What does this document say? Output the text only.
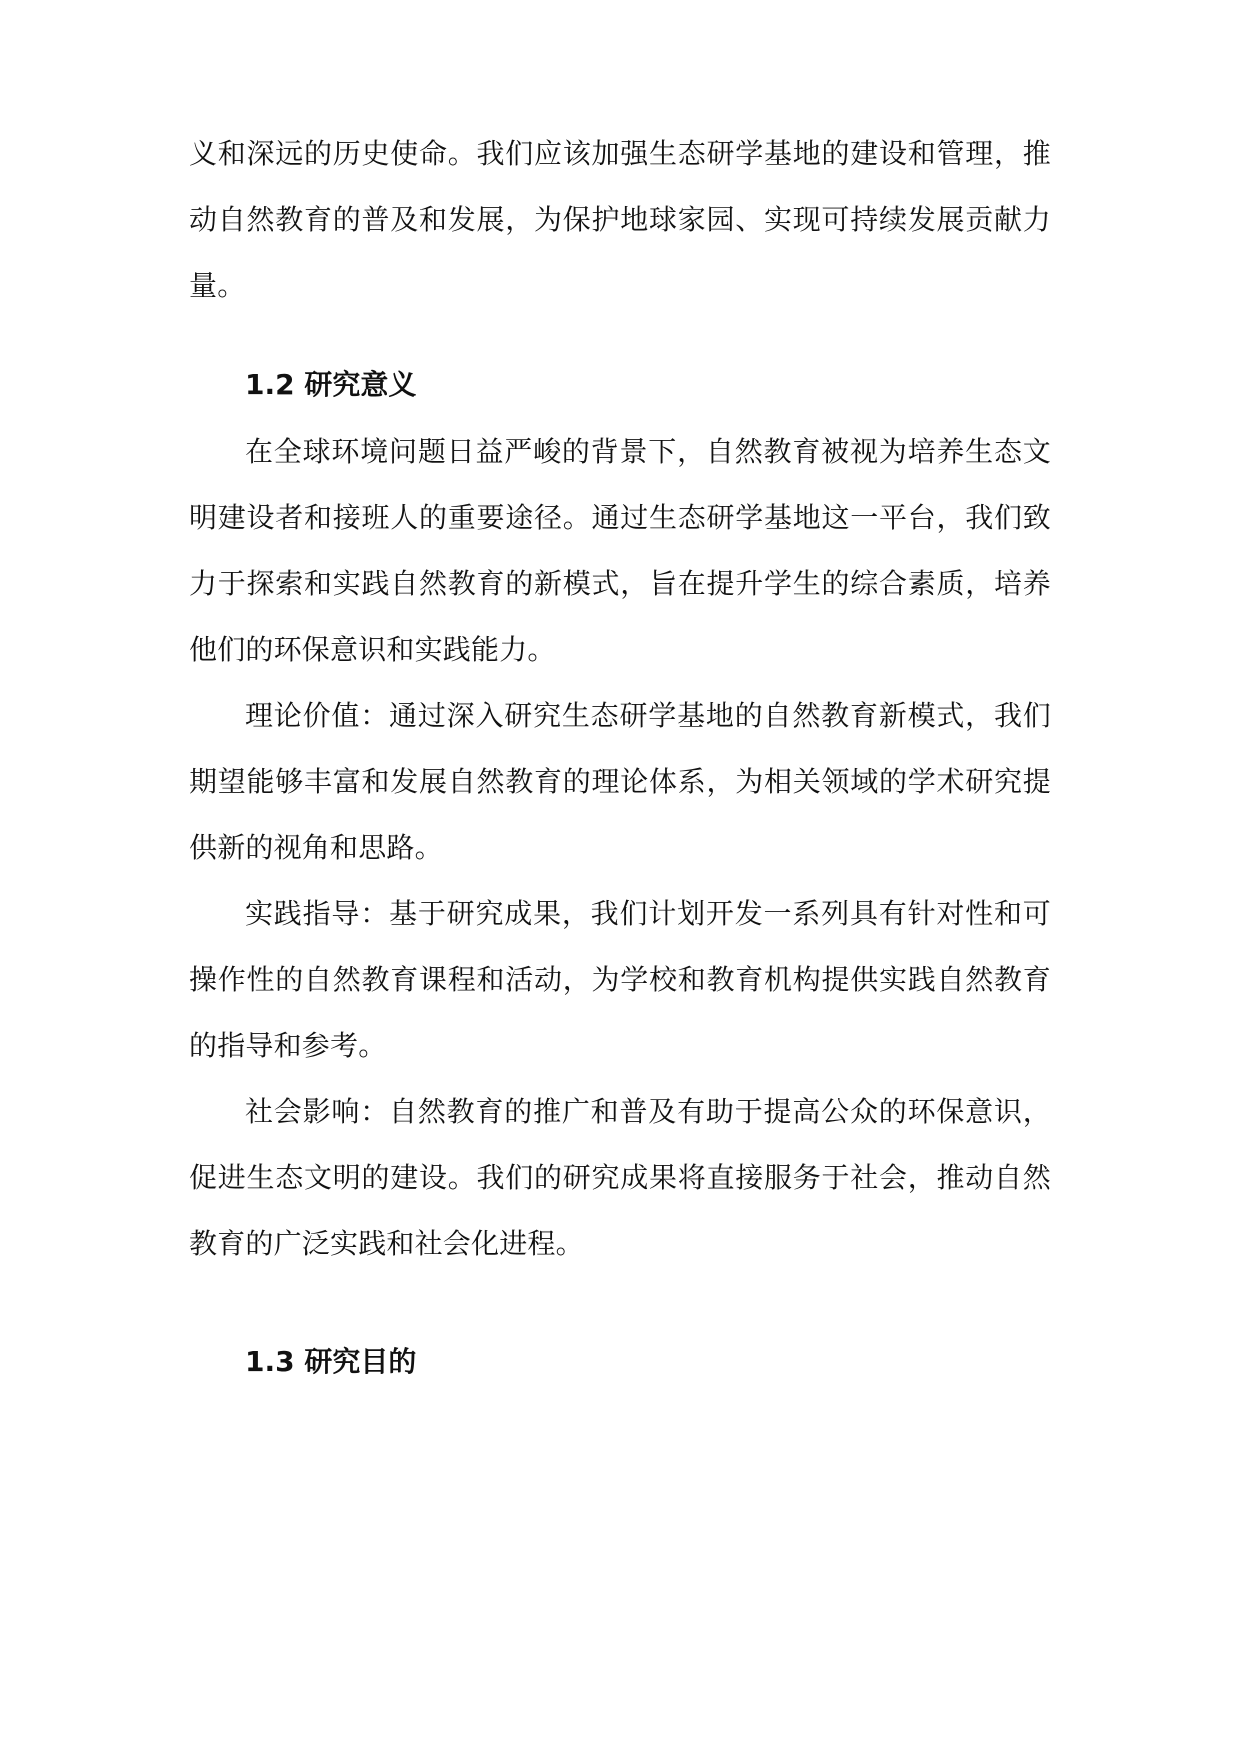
义和深远的历史使命。我们应该加强生态研学基地的建设和管理，推动自然教育的普及和发展，为保护地球家园、实现可持续发展贡献力量。

1.2 研究意义

在全球环境问题日益严峻的背景下，自然教育被视为培养生态文明建设者和接班人的重要途径。通过生态研学基地这一平台，我们致力于探索和实践自然教育的新模式，旨在提升学生的综合素质，培养他们的环保意识和实践能力。

理论价值：通过深入研究生态研学基地的自然教育新模式，我们期望能够丰富和发展自然教育的理论体系，为相关领域的学术研究提供新的视角和思路。

实践指导：基于研究成果，我们计划开发一系列具有针对性和可操作性的自然教育课程和活动，为学校和教育机构提供实践自然教育的指导和参考。

社会影响：自然教育的推广和普及有助于提高公众的环保意识，促进生态文明的建设。我们的研究成果将直接服务于社会，推动自然教育的广泛实践和社会化进程。

1.3 研究目的
